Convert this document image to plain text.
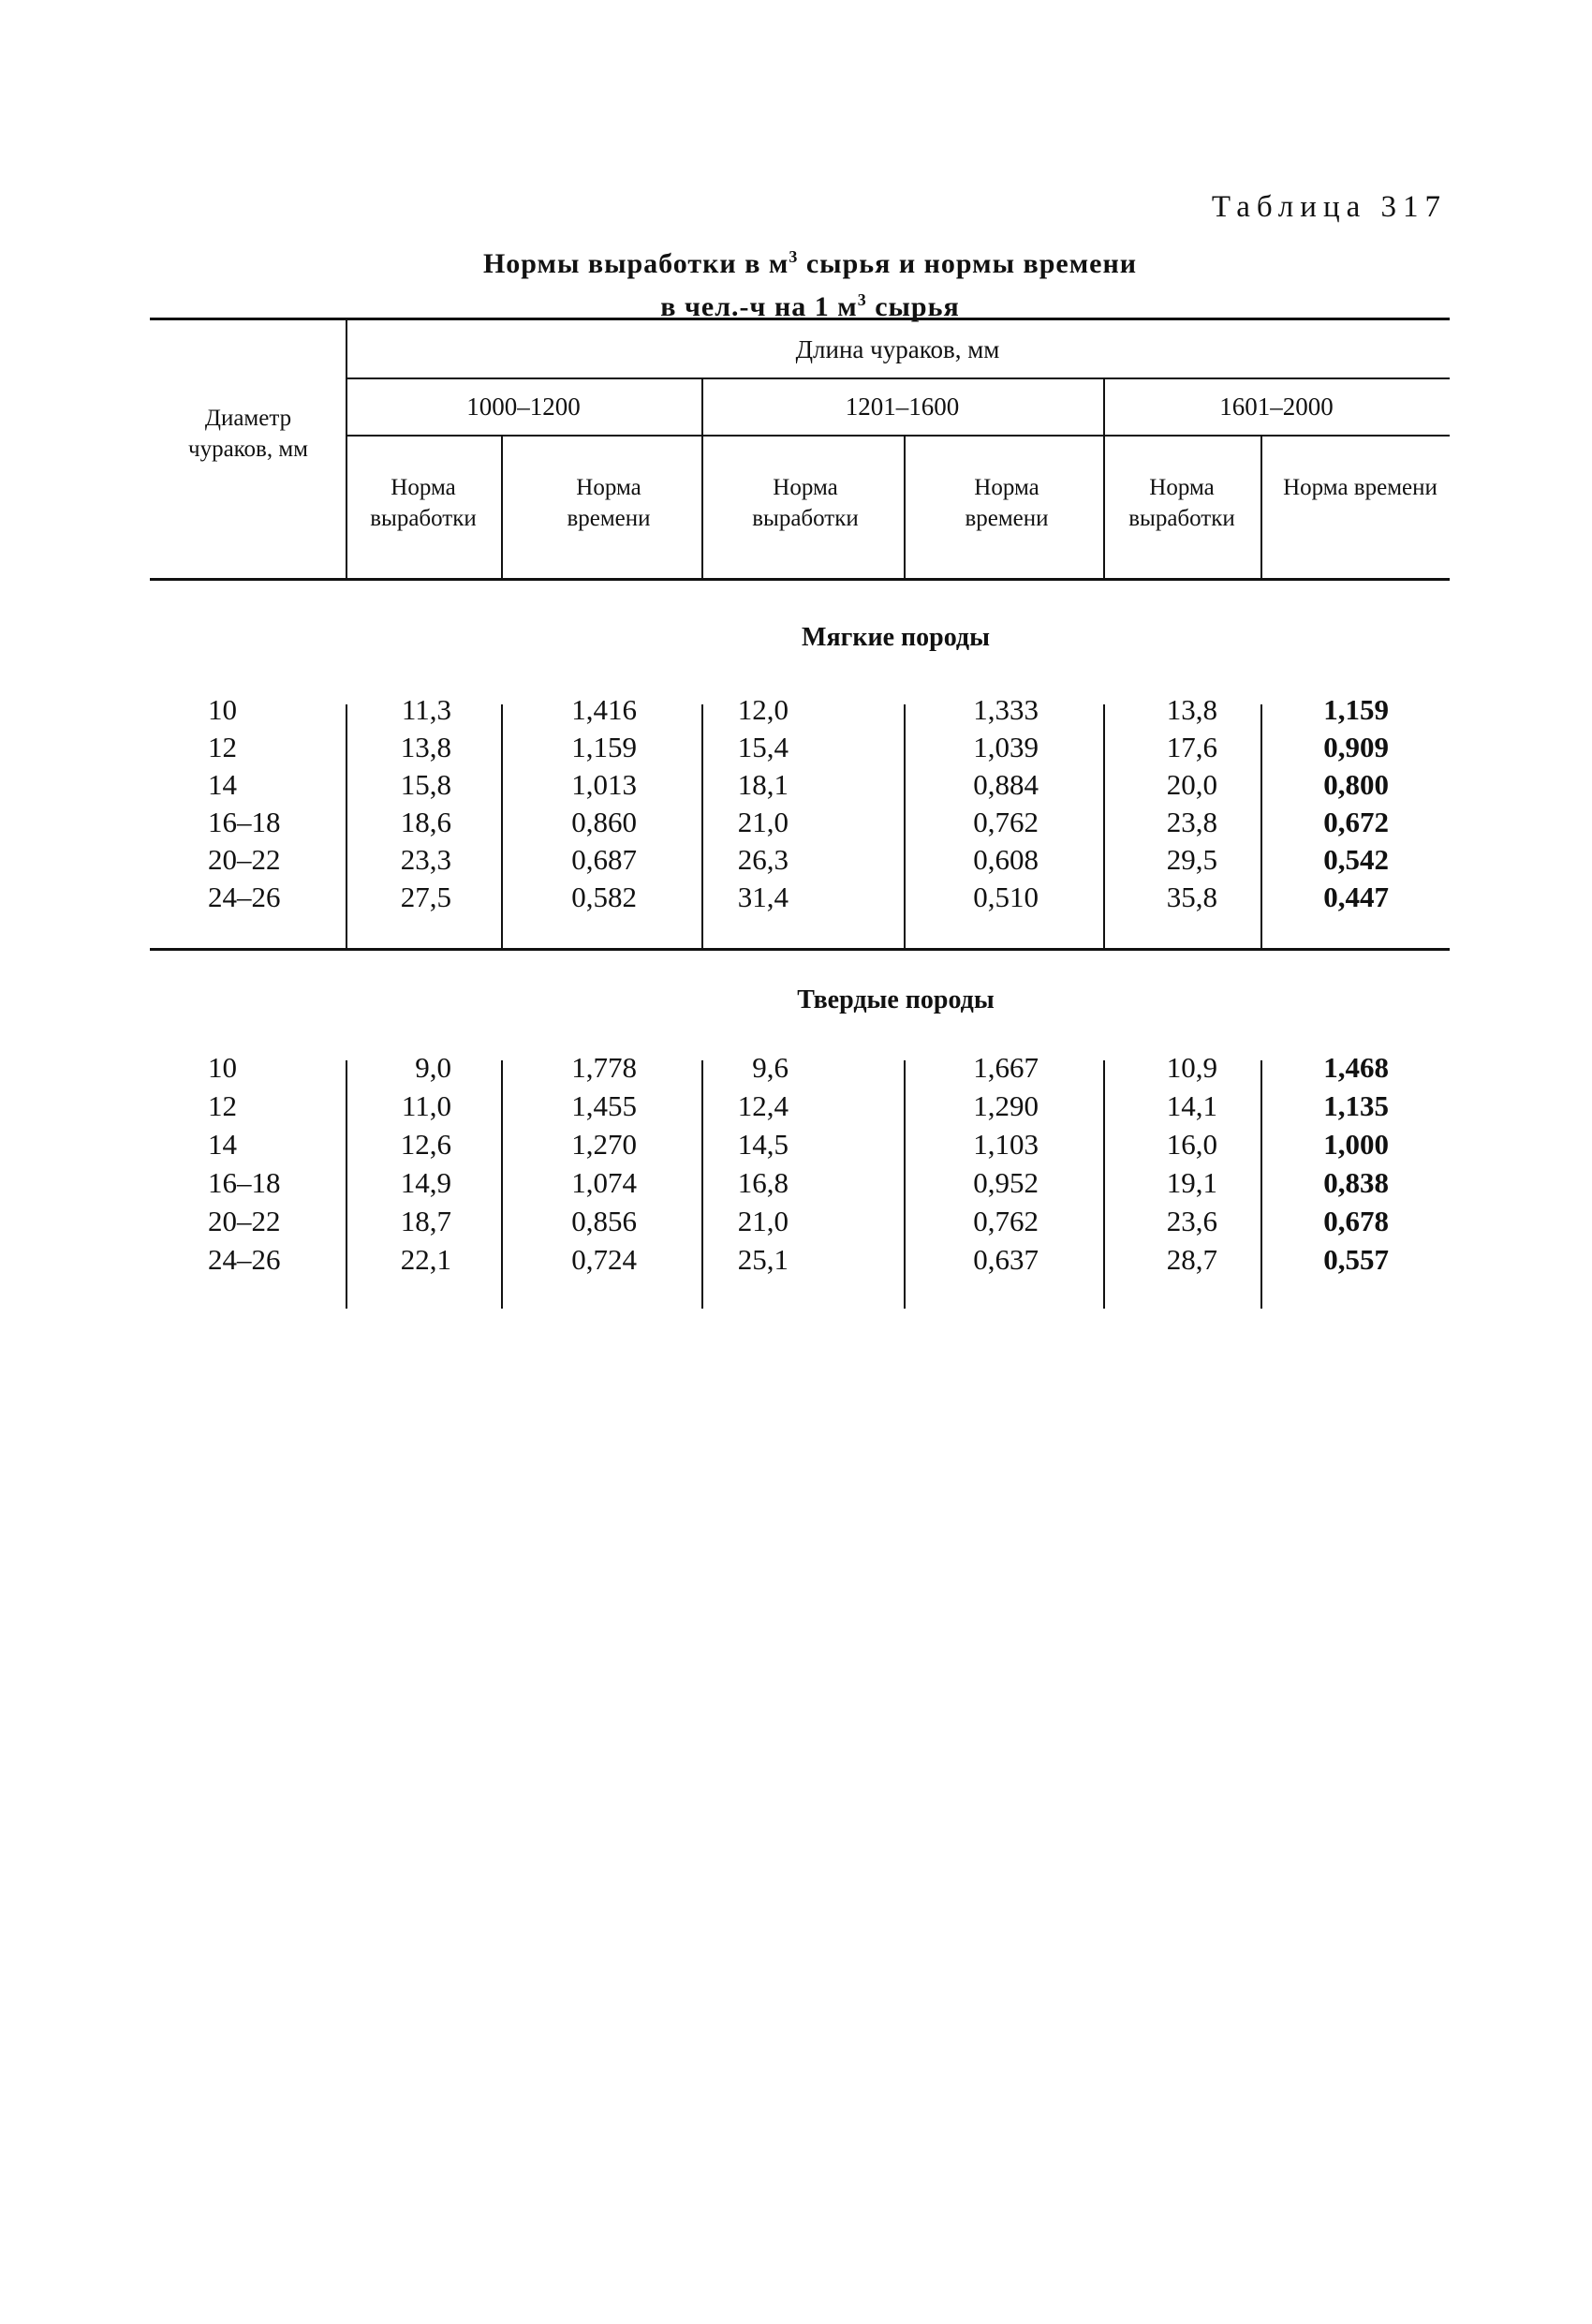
Таблица 317
Нормы выработки в $м^3$ сырья и нормы времени
в чел.-ч на 1 $м^3$ сырья
Диаметр чураков, мм
Длина чураков, мм
1000–1200	1201–1600	1601–2000
Норма выработки
Норма времени
Норма выработки
Норма времени
Норма выработки
Норма времени
Мягкие породы
10	11,3	1,416	12,0	1,333	13,8	1,159
12	13,8	1,159	15,4	1,039	17,6	0,909
14	15,8	1,013	18,1	0,884	20,0	0,800
16–18	18,6	0,860	21,0	0,762	23,8	0,672
20–22	23,3	0,687	26,3	0,608	29,5	0,542
24–26	27,5	0,582	31,4	0,510	35,8	0,447
Твердые породы
10	9,0	1,778	9,6	1,667	10,9	1,468
12	11,0	1,455	12,4	1,290	14,1	1,135
14	12,6	1,270	14,5	1,103	16,0	1,000
16–18	14,9	1,074	16,8	0,952	19,1	0,838
20–22	18,7	0,856	21,0	0,762	23,6	0,678
24–26	22,1	0,724	25,1	0,637	28,7	0,557
